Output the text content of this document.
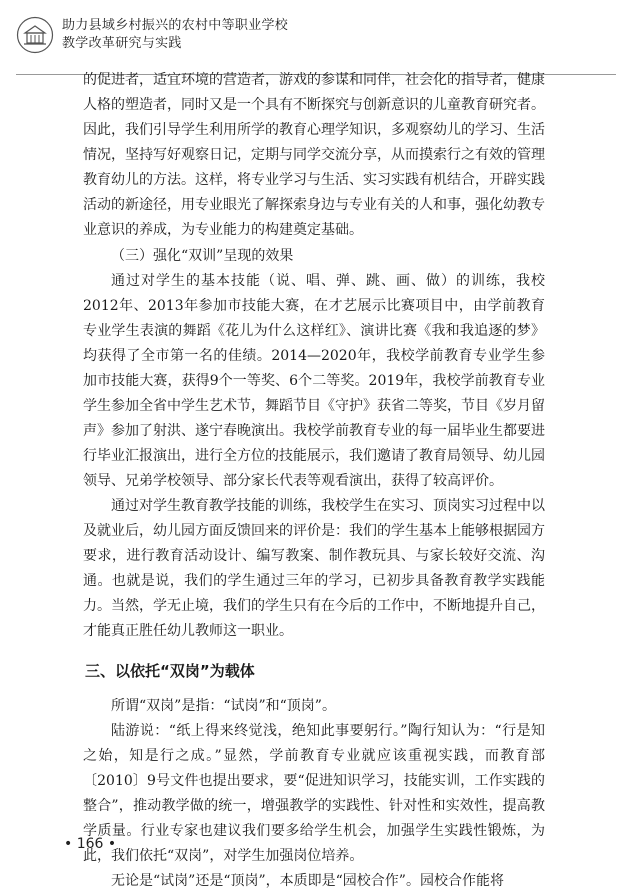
助力县域乡村振兴的农村中等职业学校
教学改革研究与实践

的促进者，适宜环境的营造者，游戏的参谋和同伴，社会化的指导者，健康人格的塑造者，同时又是一个具有不断探究与创新意识的儿童教育研究者。因此，我们引导学生利用所学的教育心理学知识，多观察幼儿的学习、生活情况，坚持写好观察日记，定期与同学交流分享，从而摸索行之有效的管理教育幼儿的方法。这样，将专业学习与生活、实习实践有机结合，开辟实践活动的新途径，用专业眼光了解探索身边与专业有关的人和事，强化幼教专业意识的养成，为专业能力的构建奠定基础。

（三）强化“双训”呈现的效果

通过对学生的基本技能（说、唱、弹、跳、画、做）的训练，我校2012年、2013年参加市技能大赛，在才艺展示比赛项目中，由学前教育专业学生表演的舞蹈《花儿为什么这样红》、演讲比赛《我和我追逐的梦》均获得了全市第一名的佳绩。2014—2020年，我校学前教育专业学生参加市技能大赛，获得9个一等奖、6个二等奖。2019年，我校学前教育专业学生参加全省中学生艺术节，舞蹈节目《守护》获省二等奖，节目《岁月留声》参加了射洪、遂宁春晚演出。我校学前教育专业的每一届毕业生都要进行毕业汇报演出，进行全方位的技能展示，我们邀请了教育局领导、幼儿园领导、兄弟学校领导、部分家长代表等观看演出，获得了较高评价。

通过对学生教育教学技能的训练，我校学生在实习、顶岗实习过程中以及就业后，幼儿园方面反馈回来的评价是：我们的学生基本上能够根据园方要求，进行教育活动设计、编写教案、制作教玩具、与家长较好交流、沟通。也就是说，我们的学生通过三年的学习，已初步具备教育教学实践能力。当然，学无止境，我们的学生只有在今后的工作中，不断地提升自己，才能真正胜任幼儿教师这一职业。

三、以依托“双岗”为载体

所谓“双岗”是指：“试岗”和“顶岗”。

陆游说：“纸上得来终觉浅，绝知此事要躬行。”陶行知认为：“行是知之始，知是行之成。”显然，学前教育专业就应该重视实践，而教育部〔2010〕9号文件也提出要求，要“促进知识学习，技能实训，工作实践的整合”，推动教学做的统一，增强教学的实践性、针对性和实效性，提高教学质量。行业专家也建议我们要多给学生机会，加强学生实践性锻炼，为此，我们依托“双岗”，对学生加强岗位培养。

无论是“试岗”还是“顶岗”，本质即是“园校合作”。园校合作能将

• 166 •
